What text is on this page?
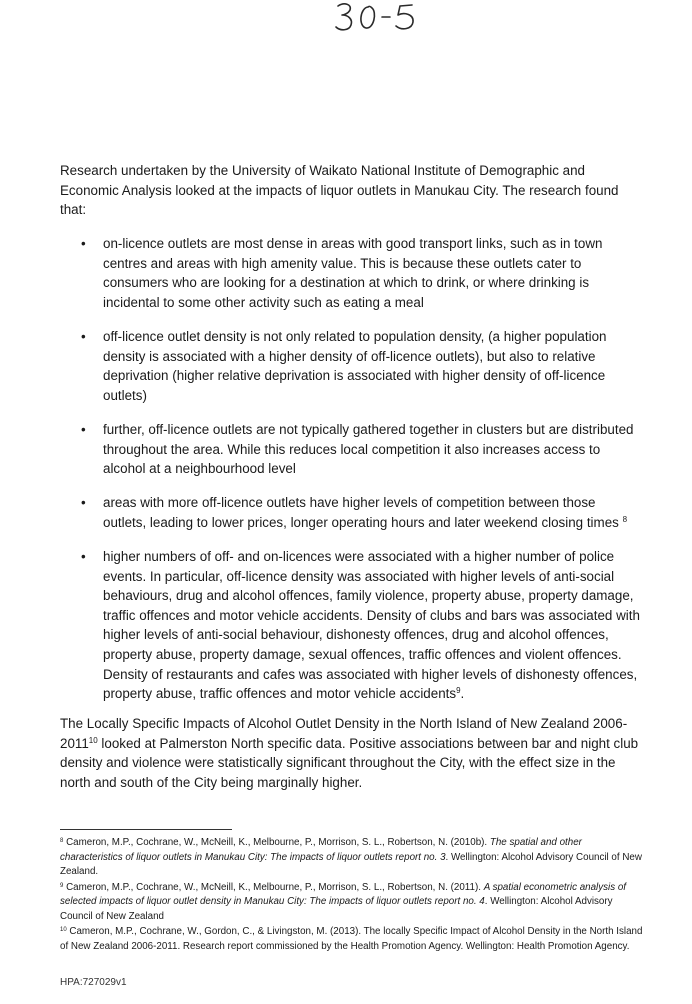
Research undertaken by the University of Waikato National Institute of Demographic and Economic Analysis looked at the impacts of liquor outlets in Manukau City. The research found that:

• on-licence outlets are most dense in areas with good transport links, such as in town centres and areas with high amenity value. This is because these outlets cater to consumers who are looking for a destination at which to drink, or where drinking is incidental to some other activity such as eating a meal
• off-licence outlet density is not only related to population density, (a higher population density is associated with a higher density of off-licence outlets), but also to relative deprivation (higher relative deprivation is associated with higher density of off-licence outlets)
• further, off-licence outlets are not typically gathered together in clusters but are distributed throughout the area. While this reduces local competition it also increases access to alcohol at a neighbourhood level
• areas with more off-licence outlets have higher levels of competition between those outlets, leading to lower prices, longer operating hours and later weekend closing times $^8$
• higher numbers of off- and on-licences were associated with a higher number of police events. In particular, off-licence density was associated with higher levels of anti-social behaviours, drug and alcohol offences, family violence, property abuse, property damage, traffic offences and motor vehicle accidents. Density of clubs and bars was associated with higher levels of anti-social behaviour, dishonesty offences, drug and alcohol offences, property abuse, property damage, sexual offences, traffic offences and violent offences. Density of restaurants and cafes was associated with higher levels of dishonesty offences, property abuse, traffic offences and motor vehicle accidents$^9$.

The Locally Specific Impacts of Alcohol Outlet Density in the North Island of New Zealand 2006-2011$^{10}$ looked at Palmerston North specific data. Positive associations between bar and night club density and violence were statistically significant throughout the City, with the effect size in the north and south of the City being marginally higher.

$^8$ Cameron, M.P., Cochrane, W., McNeill, K., Melbourne, P., Morrison, S. L., Robertson, N. (2010b). The spatial and other characteristics of liquor outlets in Manukau City: The impacts of liquor outlets report no. 3. Wellington: Alcohol Advisory Council of New Zealand.

$^9$ Cameron, M.P., Cochrane, W., McNeill, K., Melbourne, P., Morrison, S. L., Robertson, N. (2011). A spatial econometric analysis of selected impacts of liquor outlet density in Manukau City: The impacts of liquor outlets report no. 4. Wellington: Alcohol Advisory Council of New Zealand

$^{10}$ Cameron, M.P., Cochrane, W., Gordon, C., & Livingston, M. (2013). The locally Specific Impact of Alcohol Density in the North Island of New Zealand 2006-2011. Research report commissioned by the Health Promotion Agency. Wellington: Health Promotion Agency.

HPA:727029v1
